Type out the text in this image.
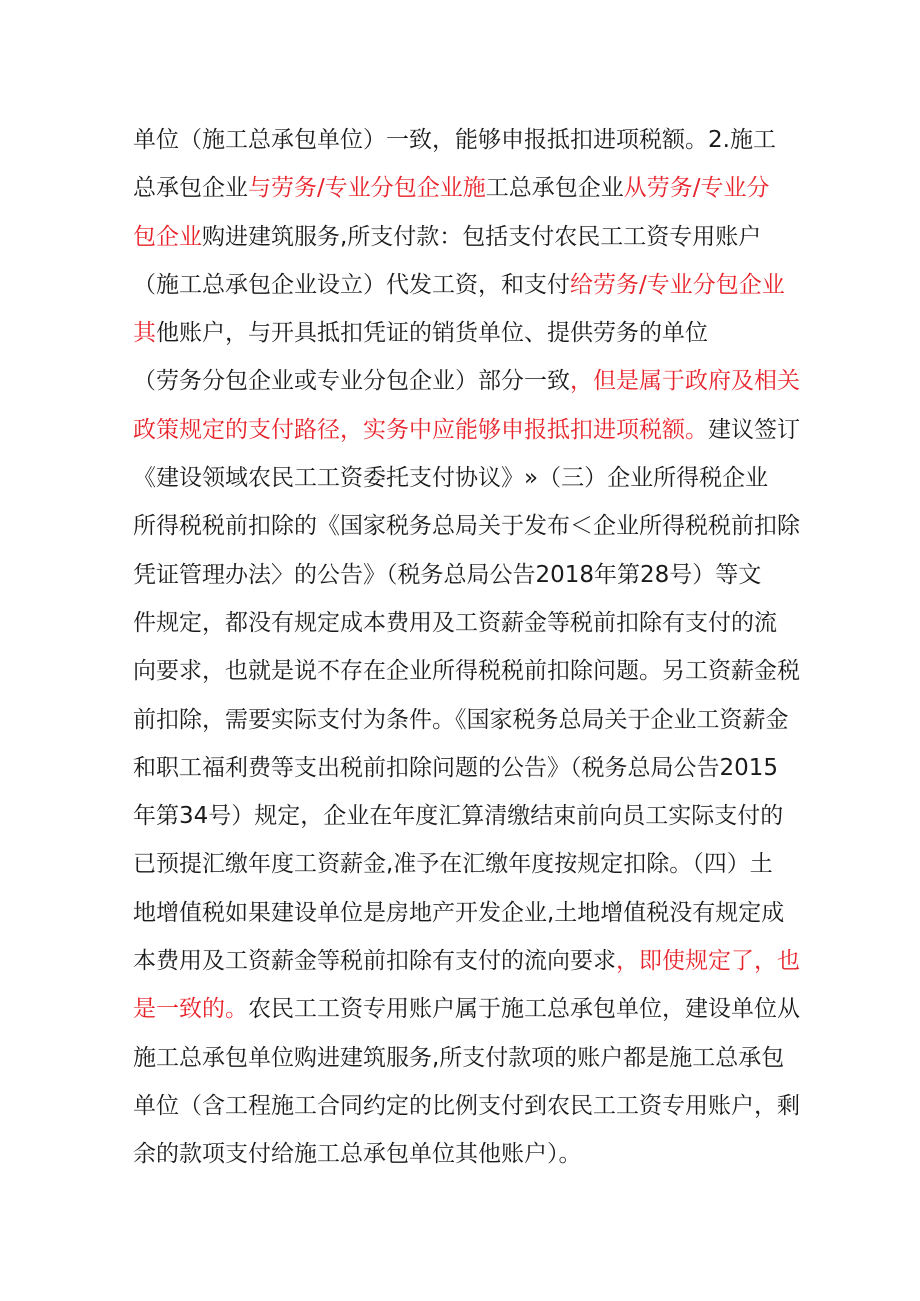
单位（施工总承包单位）一致，能够申报抵扣进项税额。2.施工
总承包企业与劳务/专业分包企业施工总承包企业从劳务/专业分
包企业购进建筑服务,所支付款：包括支付农民工工资专用账户
（施工总承包企业设立）代发工资，和支付给劳务/专业分包企业
其他账户，与开具抵扣凭证的销货单位、提供劳务的单位
（劳务分包企业或专业分包企业）部分一致，但是属于政府及相关
政策规定的支付路径，实务中应能够申报抵扣进项税额。建议签订
《建设领域农民工工资委托支付协议》»（三）企业所得税企业
所得税税前扣除的《国家税务总局关于发布＜企业所得税税前扣除
凭证管理办法〉的公告》（税务总局公告2018年第28号）等文
件规定，都没有规定成本费用及工资薪金等税前扣除有支付的流
向要求，也就是说不存在企业所得税税前扣除问题。另工资薪金税
前扣除，需要实际支付为条件。《国家税务总局关于企业工资薪金
和职工福利费等支出税前扣除问题的公告》（税务总局公告2015
年第34号）规定，企业在年度汇算清缴结束前向员工实际支付的
已预提汇缴年度工资薪金,准予在汇缴年度按规定扣除。（四）土
地增值税如果建设单位是房地产开发企业,土地增值税没有规定成
本费用及工资薪金等税前扣除有支付的流向要求，即使规定了，也
是一致的。农民工工资专用账户属于施工总承包单位，建设单位从
施工总承包单位购进建筑服务,所支付款项的账户都是施工总承包
单位（含工程施工合同约定的比例支付到农民工工资专用账户，剩
余的款项支付给施工总承包单位其他账户）。
